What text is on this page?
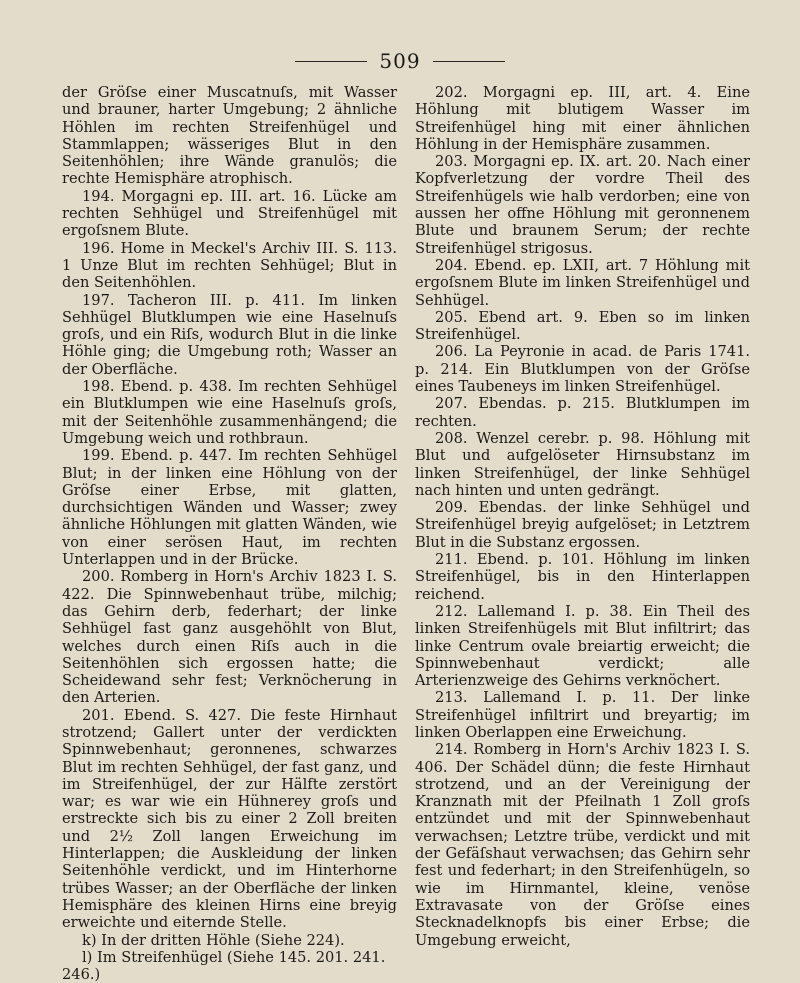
509

der Gröſse einer Muscatnuſs, mit Wasser und brauner, harter Umgebung; 2 ähnliche Höhlen im rechten Streifenhügel und Stammlappen; wässeriges Blut in den Seitenhöhlen; ihre Wände granulös; die rechte Hemisphäre atrophisch.

194. Morgagni ep. III. art. 16. Lücke am rechten Sehhügel und Streifenhügel mit ergoſsnem Blute.

196. Home in Meckel's Archiv III. S. 113. 1 Unze Blut im rechten Sehhügel; Blut in den Seitenhöhlen.

197. Tacheron III. p. 411. Im linken Sehhügel Blutklumpen wie eine Haselnuſs groſs, und ein Riſs, wodurch Blut in die linke Höhle ging; die Umgebung roth; Wasser an der Oberfläche.

198. Ebend. p. 438. Im rechten Sehhügel ein Blutklumpen wie eine Haselnuſs groſs, mit der Seitenhöhle zusammenhängend; die Umgebung weich und rothbraun.

199. Ebend. p. 447. Im rechten Sehhügel Blut; in der linken eine Höhlung von der Gröſse einer Erbse, mit glatten, durchsichtigen Wänden und Wasser; zwey ähnliche Höhlungen mit glatten Wänden, wie von einer serösen Haut, im rechten Unterlappen und in der Brücke.

200. Romberg in Horn's Archiv 1823 I. S. 422. Die Spinnwebenhaut trübe, milchig; das Gehirn derb, federhart; der linke Sehhügel fast ganz ausgehöhlt von Blut, welches durch einen Riſs auch in die Seitenhöhlen sich ergossen hatte; die Scheidewand sehr fest; Verknöcherung in den Arterien.

201. Ebend. S. 427. Die feste Hirnhaut strotzend; Gallert unter der verdickten Spinnwebenhaut; geronnenes, schwarzes Blut im rechten Sehhügel, der fast ganz, und im Streifenhügel, der zur Hälfte zerstört war; es war wie ein Hühnerey groſs und erstreckte sich bis zu einer 2 Zoll breiten und 2½ Zoll langen Erweichung im Hinterlappen; die Auskleidung der linken Seitenhöhle verdickt, und im Hinterhorne trübes Wasser; an der Oberfläche der linken Hemisphäre des kleinen Hirns eine breyig erweichte und eiternde Stelle.

k) In der dritten Höhle (Siehe 224).

l) Im Streifenhügel (Siehe 145. 201. 241. 246.)

202. Morgagni ep. III, art. 4. Eine Höhlung mit blutigem Wasser im Streifenhügel hing mit einer ähnlichen Höhlung in der Hemisphäre zusammen.

203. Morgagni ep. IX. art. 20. Nach einer Kopfverletzung der vordre Theil des Streifenhügels wie halb verdorben; eine von aussen her offne Höhlung mit geronnenem Blute und braunem Serum; der rechte Streifenhügel strigosus.

204. Ebend. ep. LXII, art. 7 Höhlung mit ergoſsnem Blute im linken Streifenhügel und Sehhügel.

205. Ebend art. 9. Eben so im linken Streifenhügel.

206. La Peyronie in acad. de Paris 1741. p. 214. Ein Blutklumpen von der Gröſse eines Taubeneys im linken Streifenhügel.

207. Ebendas. p. 215. Blutklumpen im rechten.

208. Wenzel cerebr. p. 98. Höhlung mit Blut und aufgelöseter Hirnsubstanz im linken Streifenhügel, der linke Sehhügel nach hinten und unten gedrängt.

209. Ebendas. der linke Sehhügel und Streifenhügel breyig aufgelöset; in Letztrem Blut in die Substanz ergossen.

211. Ebend. p. 101. Höhlung im linken Streifenhügel, bis in den Hinterlappen reichend.

212. Lallemand I. p. 38. Ein Theil des linken Streifenhügels mit Blut infiltrirt; das linke Centrum ovale breiartig erweicht; die Spinnwebenhaut verdickt; alle Arterienzweige des Gehirns verknöchert.

213. Lallemand I. p. 11. Der linke Streifenhügel infiltrirt und breyartig; im linken Oberlappen eine Erweichung.

214. Romberg in Horn's Archiv 1823 I. S. 406. Der Schädel dünn; die feste Hirnhaut strotzend, und an der Vereinigung der Kranznath mit der Pfeilnath 1 Zoll groſs entzündet und mit der Spinnwebenhaut verwachsen; Letztre trübe, verdickt und mit der Gefäſshaut verwachsen; das Gehirn sehr fest und federhart; in den Streifenhügeln, so wie im Hirnmantel, kleine, venöse Extravasate von der Gröſse eines Stecknadelknopfs bis einer Erbse; die Umgebung erweicht,
